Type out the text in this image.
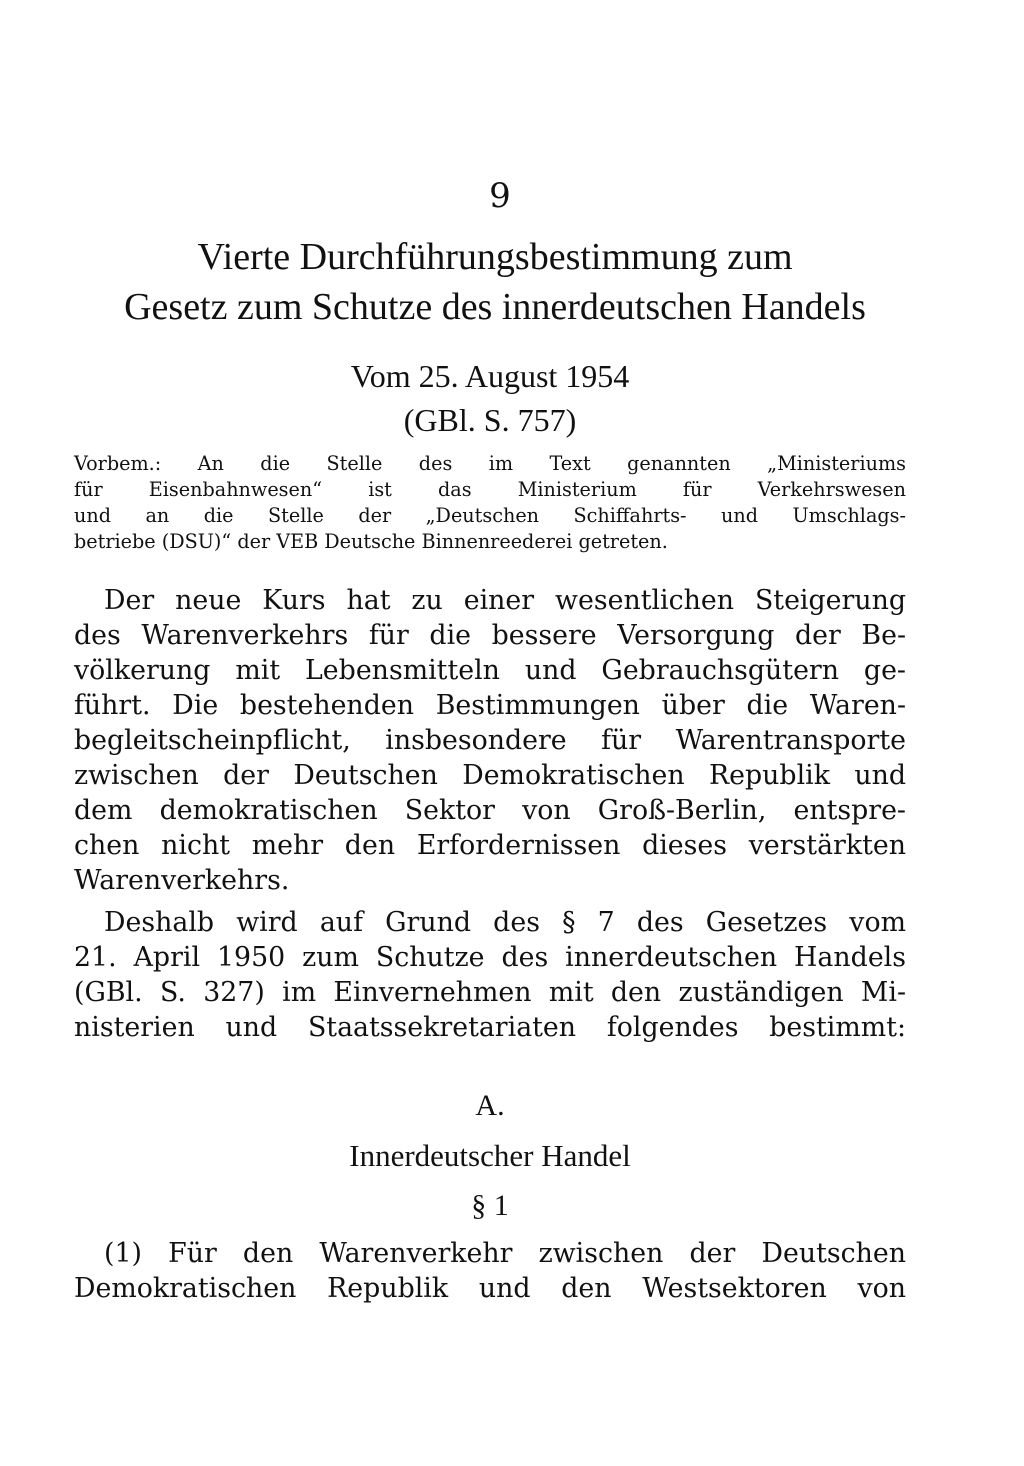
9
Vierte Durchführungsbestimmung zum
Gesetz zum Schutze des innerdeutschen Handels

Vom 25. August 1954

(GBl. S. 757)

Vorbem.: An die Stelle des im Text genannten „Ministeriums
für Eisenbahnwesen“ ist das Ministerium für Verkehrswesen
und an die Stelle der „Deutschen Schiffahrts- und Umschlags-
betriebe (DSU)“ der VEB Deutsche Binnenreederei getreten.

Der neue Kurs hat zu einer wesentlichen Steigerung
des Warenverkehrs für die bessere Versorgung der Be-
völkerung mit Lebensmitteln und Gebrauchsgütern ge-
führt. Die bestehenden Bestimmungen über die Waren-
begleitscheinpflicht, insbesondere für Warentransporte
zwischen der Deutschen Demokratischen Republik und
dem demokratischen Sektor von Groß-Berlin, entspre-
chen nicht mehr den Erfordernissen dieses verstärkten
Warenverkehrs.

Deshalb wird auf Grund des § 7 des Gesetzes vom
21. April 1950 zum Schutze des innerdeutschen Handels
(GBl. S. 327) im Einvernehmen mit den zuständigen Mi-
nisterien und Staatssekretariaten folgendes bestimmt:

A.
Innerdeutscher Handel

§ 1

(1) Für den Warenverkehr zwischen der Deutschen
Demokratischen Republik und den Westsektoren von
